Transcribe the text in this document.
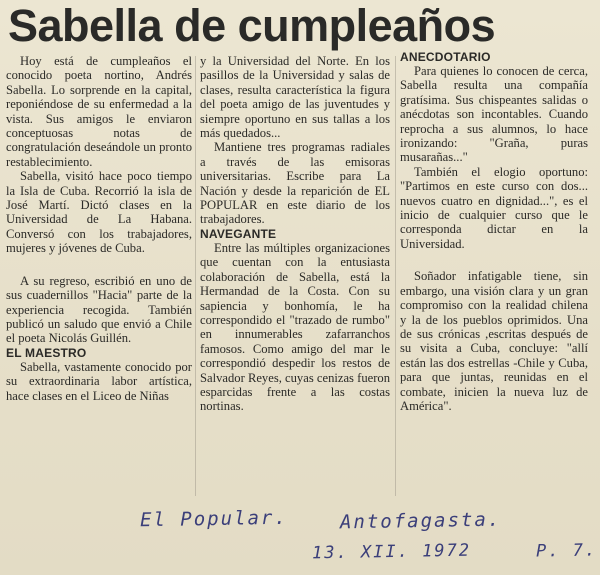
Sabella de cumpleaños

Hoy está de cumpleaños el conocido poeta nortino, Andrés Sabella. Lo sorprende en la capital, reponiéndose de su enfermedad a la vista. Sus amigos le enviaron conceptuosas notas de congratulación deseándole un pronto restablecimiento.

Sabella, visitó hace poco tiempo la Isla de Cuba. Recorrió la isla de José Martí. Dictó clases en la Universidad de La Habana. Conversó con los trabajadores, mujeres y jóvenes de Cuba.

A su regreso, escribió en uno de sus cuadernillos "Hacia" parte de la experiencia recogida. También publicó un saludo que envió a Chile el poeta Nicolás Guillén.

EL MAESTRO

Sabella, vastamente conocido por su extraordinaria labor artística, hace clases en el Liceo de Niñas

y la Universidad del Norte. En los pasillos de la Universidad y salas de clases, resulta característica la figura del poeta amigo de las juventudes y siempre oportuno en sus tallas a los más quedados...

Mantiene tres programas radiales a través de las emisoras universitarias. Escribe para La Nación y desde la reparición de EL POPULAR en este diario de los trabajadores.

NAVEGANTE

Entre las múltiples organizaciones que cuentan con la entusiasta colaboración de Sabella, está la Hermandad de la Costa. Con su sapiencia y bonhomía, le ha correspondido el "trazado de rumbo" en innumerables zafarranchos famosos. Como amigo del mar le correspondió despedir los restos de Salvador Reyes, cuyas cenizas fueron esparcidas frente a las costas nortinas.

ANECDOTARIO

Para quienes lo conocen de cerca, Sabella resulta una compañía gratísima. Sus chispeantes salidas o anécdotas son incontables. Cuando reprocha a sus alumnos, lo hace ironizando: "Graña, puras musarañas..."

También el elogio oportuno: "Partimos en este curso con dos... nuevos cuatro en dignidad...", es el inicio de cualquier curso que le corresponda dictar en la Universidad.

Soñador infatigable tiene, sin embargo, una visión clara y un gran compromiso con la realidad chilena y la de los pueblos oprimidos. Una de sus crónicas ,escritas después de su visita a Cuba, concluye: "allí están las dos estrellas -Chile y Cuba, para que juntas, reunidas en el combate, inicien la nueva luz de América".

El Popular.	Antofagasta.
13. XII. 1972	P. 7.
